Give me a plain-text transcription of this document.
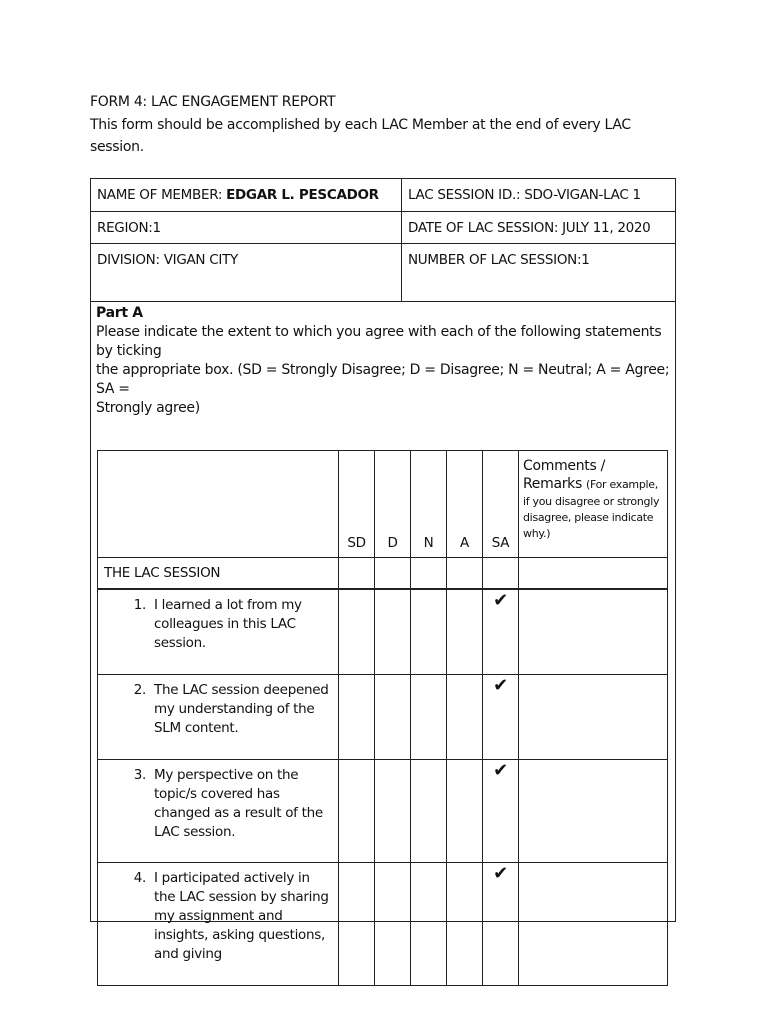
FORM 4: LAC ENGAGEMENT REPORT
This form should be accomplished by each LAC Member at the end of every LAC session.
NAME OF MEMBER: EDGAR L. PESCADOR	LAC SESSION ID.: SDO-VIGAN-LAC 1
REGION:1	DATE OF LAC SESSION: JULY 11, 2020
DIVISION: VIGAN CITY	NUMBER OF LAC SESSION:1
Part A
Please indicate the extent to which you agree with each of the following statements
by ticking
the appropriate box. (SD = Strongly Disagree; D = Disagree; N = Neutral; A = Agree;
SA =
Strongly agree)
	SD	D	N	A	SA	Comments /
Remarks (For example, if you disagree or strongly disagree, please indicate why.)
THE LAC SESSION						

1. I learned a lot from my colleagues in this LAC session.					✔	

2. The LAC session deepened my understanding of the SLM content.					✔	

3. My perspective on the topic/s covered has changed as a result of the LAC session.					✔	

4. I participated actively in the LAC session by sharing my assignment and insights, asking questions, and giving					✔	
